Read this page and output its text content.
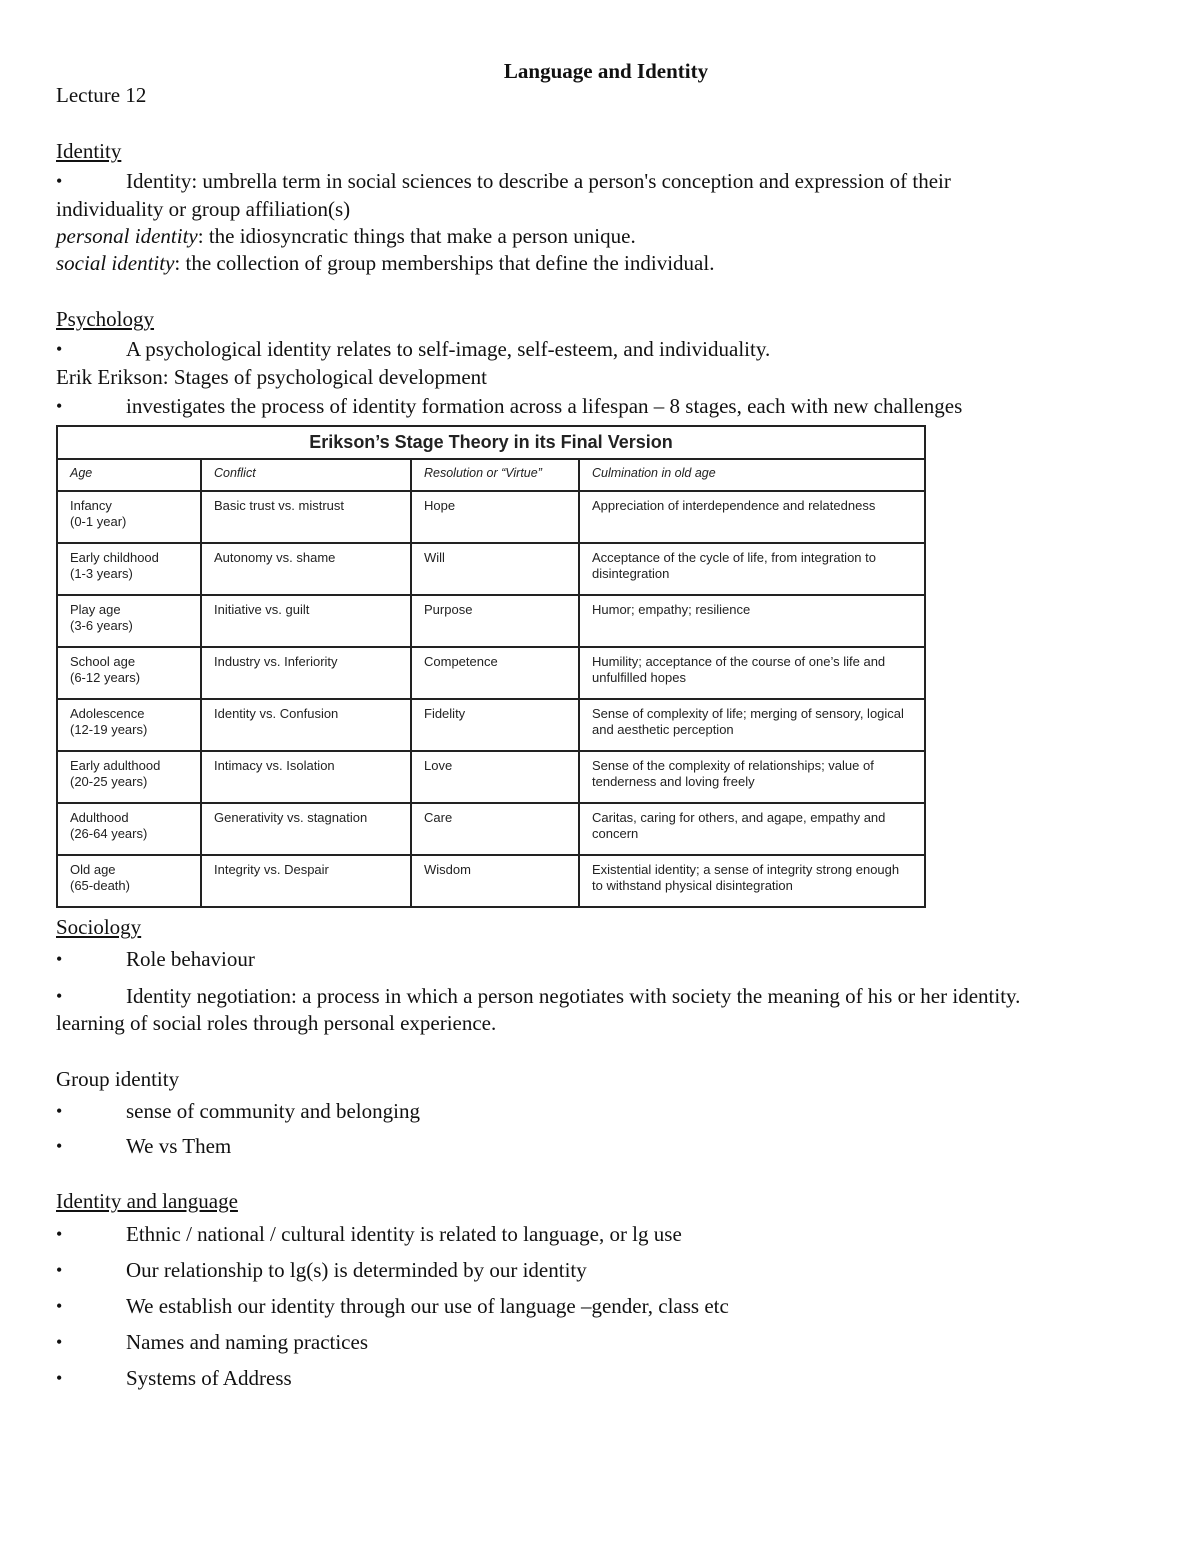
Language and Identity

Lecture 12

Identity

•	Identity: umbrella term in social sciences to describe a person's conception and expression of their

individuality or group affiliation(s)

personal identity: the idiosyncratic things that make a person unique.

social identity: the collection of group memberships that define the individual.

Psychology

•	A psychological identity relates to self-image, self-esteem, and individuality.

Erik Erikson: Stages of psychological development

•	investigates the process of identity formation across a lifespan – 8 stages, each with new challenges
Erikson’s Stage Theory in its Final Version			
Age	Conflict	Resolution or “Virtue”	Culmination in old age

Infancy
(0-1 year)	Basic trust vs. mistrust	Hope	Appreciation of interdependence and relatedness

Early childhood
(1-3 years)	Autonomy vs. shame	Will	Acceptance of the cycle of life, from integration to disintegration

Play age
(3-6 years)	Initiative vs. guilt	Purpose	Humor; empathy; resilience

School age
(6-12 years)	Industry vs. Inferiority	Competence	Humility; acceptance of the course of one’s life and unfulfilled hopes

Adolescence
(12-19 years)	Identity vs. Confusion	Fidelity	Sense of complexity of life; merging of sensory, logical and aesthetic perception

Early adulthood
(20-25 years)	Intimacy vs. Isolation	Love	Sense of the complexity of relationships; value of tenderness and loving freely

Adulthood
(26-64 years)	Generativity vs. stagnation	Care	Caritas, caring for others, and agape, empathy and concern

Old age
(65-death)	Integrity vs. Despair	Wisdom	Existential identity; a sense of integrity strong enough to withstand physical disintegration

Sociology

•	Role behaviour
•	Identity negotiation: a process in which a person negotiates with society the meaning of his or her identity.

learning of social roles through personal experience.

Group identity

•	sense of community and belonging
•	We vs Them

Identity and language

•	Ethnic / national / cultural identity is related to language, or lg use
•	Our relationship to lg(s) is determinded by our identity
•	We establish our identity through our use of language –gender, class etc
•	Names and naming practices
•	Systems of Address
